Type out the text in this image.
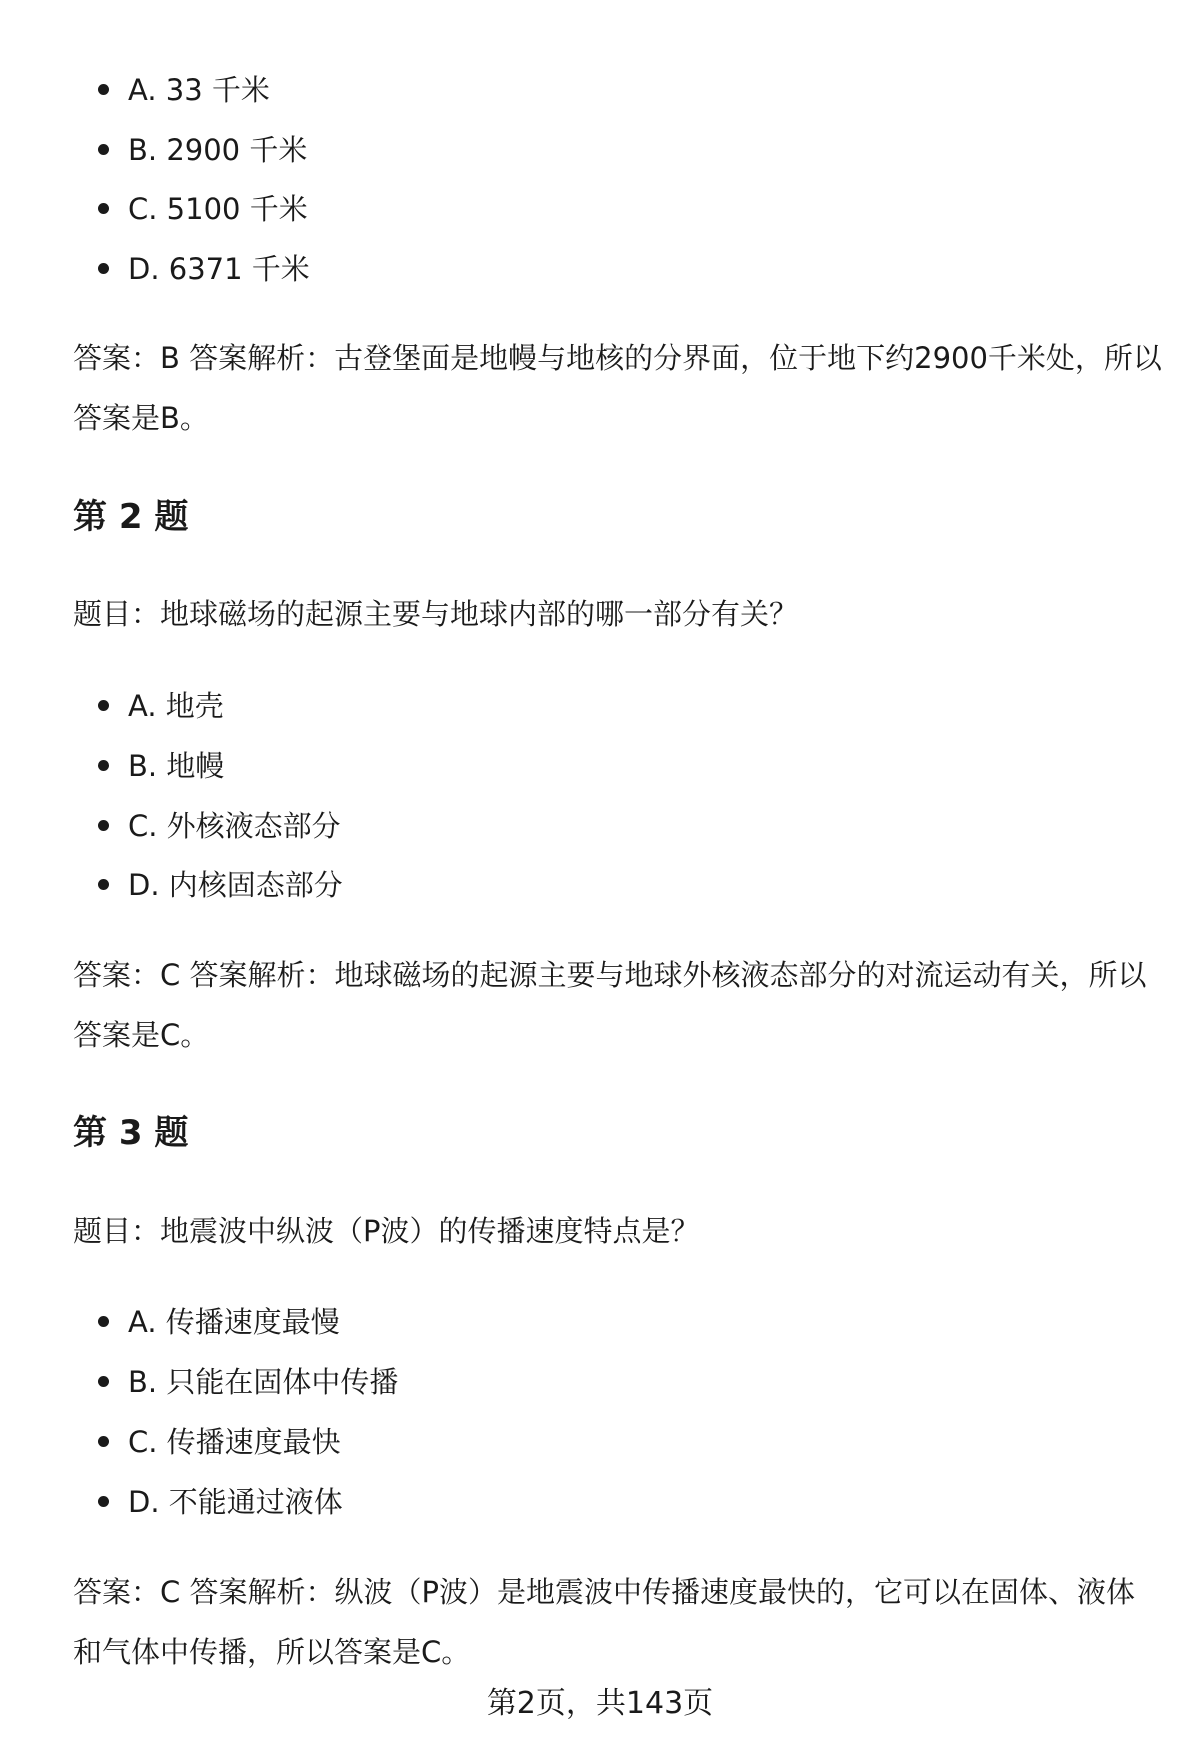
A. 33 千米
B. 2900 千米
C. 5100 千米
D. 6371 千米
答案：B 答案解析：古登堡面是地幔与地核的分界面，位于地下约2900千米处，所以答案是B。
第 2 题
题目：地球磁场的起源主要与地球内部的哪一部分有关？
A. 地壳
B. 地幔
C. 外核液态部分
D. 内核固态部分
答案：C 答案解析：地球磁场的起源主要与地球外核液态部分的对流运动有关，所以答案是C。
第 3 题
题目：地震波中纵波（P波）的传播速度特点是？
A. 传播速度最慢
B. 只能在固体中传播
C. 传播速度最快
D. 不能通过液体
答案：C 答案解析：纵波（P波）是地震波中传播速度最快的，它可以在固体、液体和气体中传播，所以答案是C。
第2页，共143页
